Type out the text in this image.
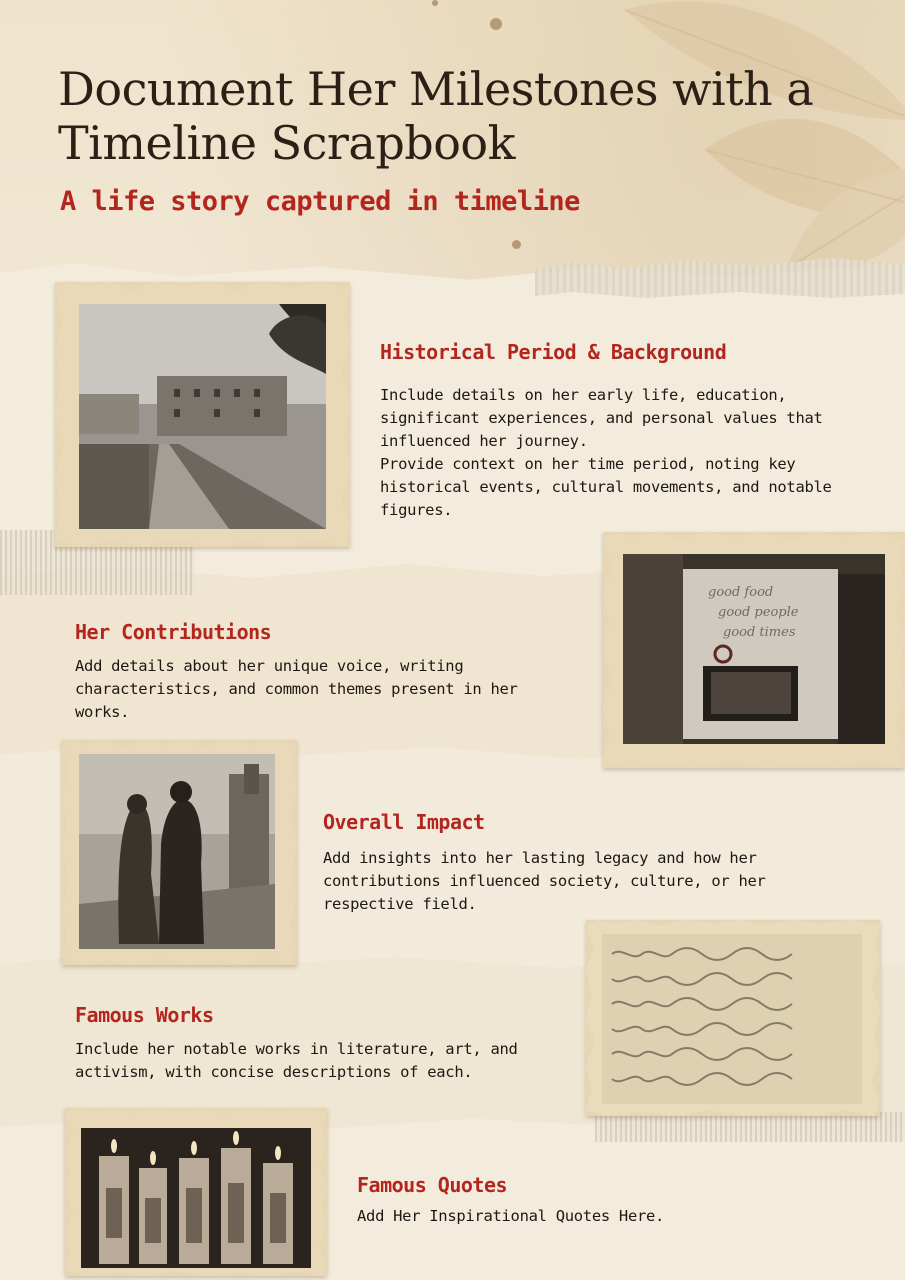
Document Her Milestones with a Timeline Scrapbook
A life story captured in timeline
Historical Period & Background

Include details on her early life, education, significant experiences, and personal values that influenced her journey.
Provide context on her time period, noting key historical events, cultural movements, and notable figures.

good food
good people
good times
Her Contributions

Add details about her unique voice, writing characteristics, and common themes present in her works.

Overall Impact

Add insights into her lasting legacy and how her contributions influenced society, culture, or her respective field.

Famous Works

Include her notable works in literature, art, and activism, with concise descriptions of each.

Famous Quotes

Add Her Inspirational Quotes Here.
